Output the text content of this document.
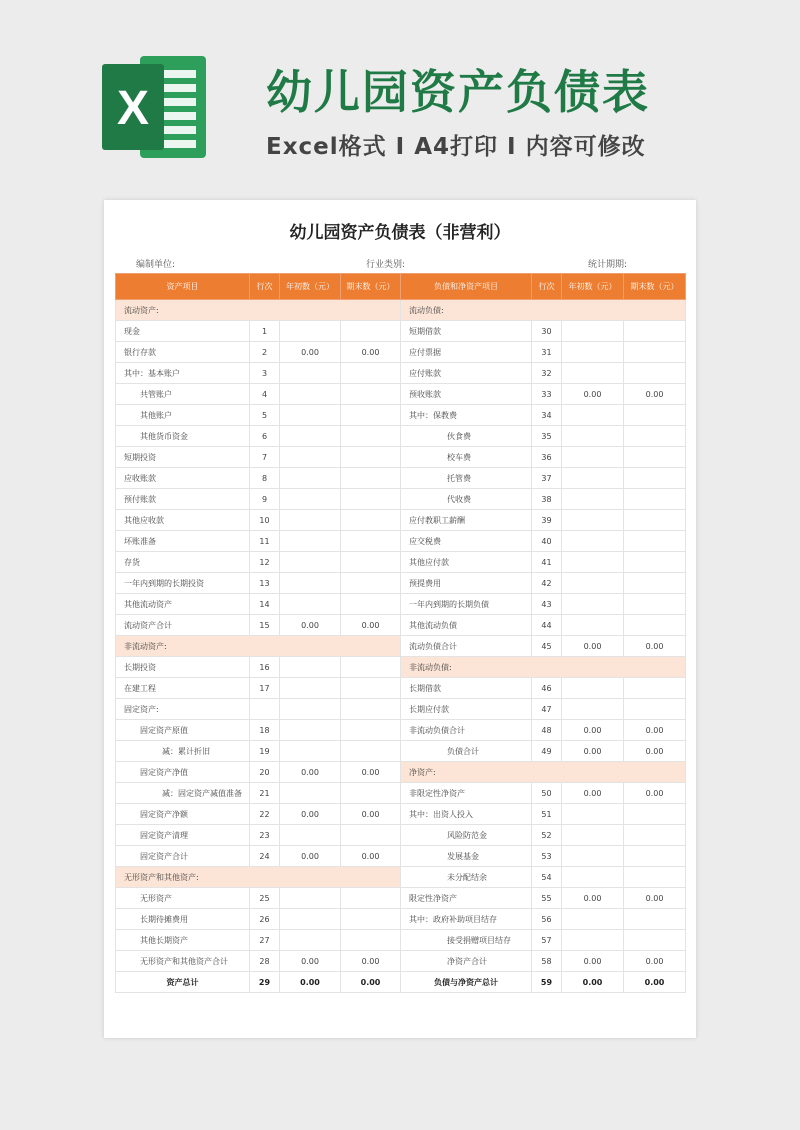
X	幼儿园资产负债表
Excel格式 I A4打印 I 内容可修改
幼儿园资产负债表（非营利）
编制单位:	行业类别:	统计期期:
资产项目	行次	年初数（元）	期末数（元）	负债和净资产项目	行次	年初数（元）	期末数（元）
流动资产:				流动负债:			
现金	1			短期借款	30		
银行存款	2	0.00	0.00	应付票据	31		
其中：基本账户	3			应付账款	32		
共管账户	4			预收账款	33	0.00	0.00
其他账户	5			其中：保教费	34		
其他货币资金	6			伙食费	35		
短期投资	7			校车费	36		
应收账款	8			托管费	37		
预付账款	9			代收费	38		
其他应收款	10			应付教职工薪酬	39		
坏账准备	11			应交税费	40		
存货	12			其他应付款	41		
一年内到期的长期投资	13			预提费用	42		
其他流动资产	14			一年内到期的长期负债	43		
流动资产合计	15	0.00	0.00	其他流动负债	44		
非流动资产:				流动负债合计	45	0.00	0.00
长期投资	16			非流动负债:			
在建工程	17			长期借款	46		
固定资产:				长期应付款	47		
固定资产原值	18			非流动负债合计	48	0.00	0.00
减：累计折旧	19			负债合计	49	0.00	0.00
固定资产净值	20	0.00	0.00	净资产:			
减：固定资产减值准备	21			非限定性净资产	50	0.00	0.00
固定资产净额	22	0.00	0.00	其中：出资人投入	51		
固定资产清理	23			风险防范金	52		
固定资产合计	24	0.00	0.00	发展基金	53		
无形资产和其他资产:				未分配结余	54		
无形资产	25			限定性净资产	55	0.00	0.00
长期待摊费用	26			其中：政府补助项目结存	56		
其他长期资产	27			接受捐赠项目结存	57		
无形资产和其他资产合计	28	0.00	0.00	净资产合计	58	0.00	0.00
资产总计	29	0.00	0.00	负债与净资产总计	59	0.00	0.00
